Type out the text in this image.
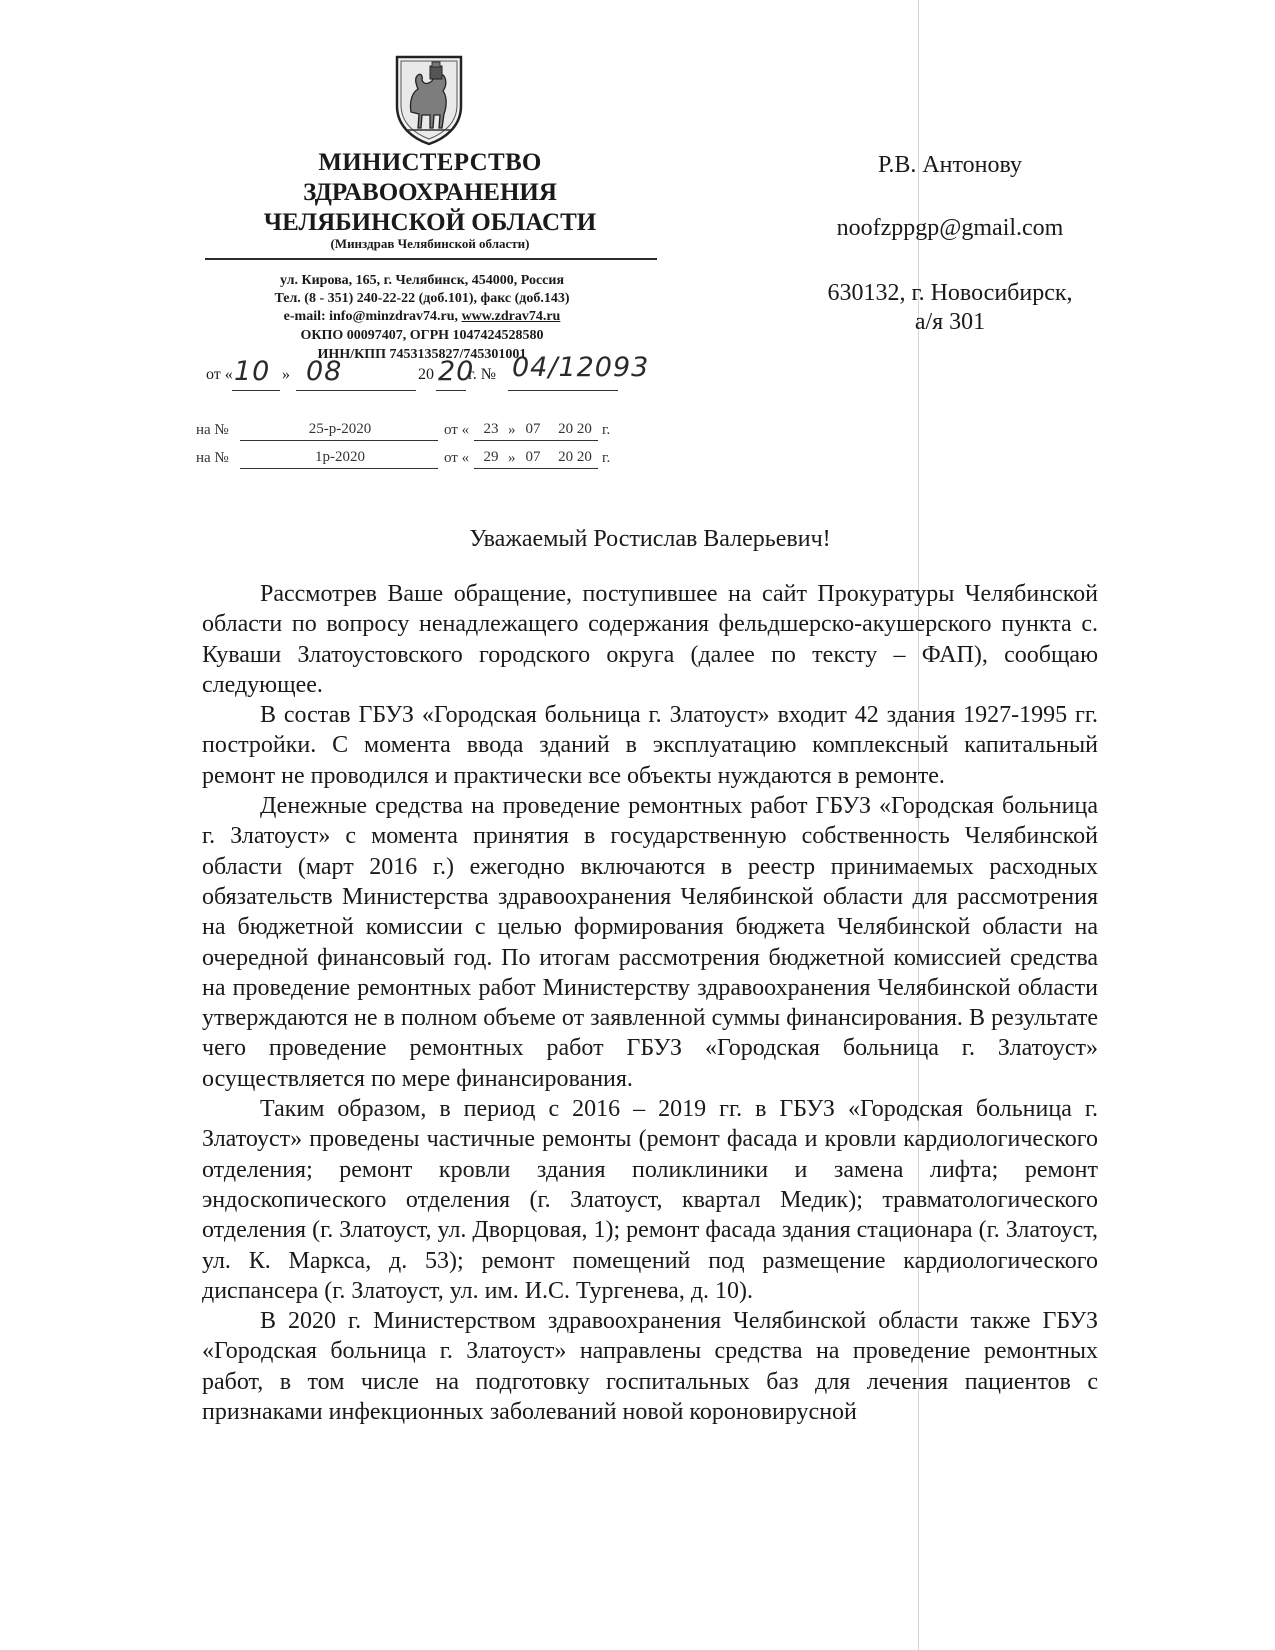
МИНИСТЕРСТВО
ЗДРАВООХРАНЕНИЯ
ЧЕЛЯБИНСКОЙ ОБЛАСТИ
(Минздрав Челябинской области)
ул. Кирова, 165, г. Челябинск, 454000, Россия
Тел. (8 - 351) 240-22-22 (доб.101), факс (доб.143)
e-mail: info@minzdrav74.ru, www.zdrav74.ru
ОКПО 00097407, ОГРН 1047424528580
ИНН/КПП 7453135827/745301001
от « 10 » 08	20 20
г. № 04/12093
на №	25-р-2020	от « 23 » 07	20 20 г.
на №	1р-2020	от « 29 » 07	20 20 г.
Р.В. Антонову
noofzppgp@gmail.com
630132, г. Новосибирск,
а/я 301
Уважаемый Ростислав Валерьевич!

Рассмотрев Ваше обращение, поступившее на сайт Прокуратуры Челябинской области по вопросу ненадлежащего содержания фельдшерско-акушерского пункта с. Куваши Златоустовского городского округа (далее по тексту – ФАП), сообщаю следующее.

В состав ГБУЗ «Городская больница г. Златоуст» входит 42 здания 1927-1995 гг. постройки. С момента ввода зданий в эксплуатацию комплексный капитальный ремонт не проводился и практически все объекты нуждаются в ремонте.

Денежные средства на проведение ремонтных работ ГБУЗ «Городская больница г. Златоуст» с момента принятия в государственную собственность Челябинской области (март 2016 г.) ежегодно включаются в реестр принимаемых расходных обязательств Министерства здравоохранения Челябинской области для рассмотрения на бюджетной комиссии с целью формирования бюджета Челябинской области на очередной финансовый год. По итогам рассмотрения бюджетной комиссией средства на проведение ремонтных работ Министерству здравоохранения Челябинской области утверждаются не в полном объеме от заявленной суммы финансирования. В результате чего проведение ремонтных работ ГБУЗ «Городская больница г. Златоуст» осуществляется по мере финансирования.

Таким образом, в период с 2016 – 2019 гг. в ГБУЗ «Городская больница г. Златоуст» проведены частичные ремонты (ремонт фасада и кровли кардиологического отделения; ремонт кровли здания поликлиники и замена лифта; ремонт эндоскопического отделения (г. Златоуст, квартал Медик); травматологического отделения (г. Златоуст, ул. Дворцовая, 1); ремонт фасада здания стационара (г. Златоуст, ул. К. Маркса, д. 53); ремонт помещений под размещение кардиологического диспансера (г. Златоуст, ул. им. И.С. Тургенева, д. 10).

В 2020 г. Министерством здравоохранения Челябинской области также ГБУЗ «Городская больница г. Златоуст» направлены средства на проведение ремонтных работ, в том числе на подготовку госпитальных баз для лечения пациентов с признаками инфекционных заболеваний новой короновирусной
